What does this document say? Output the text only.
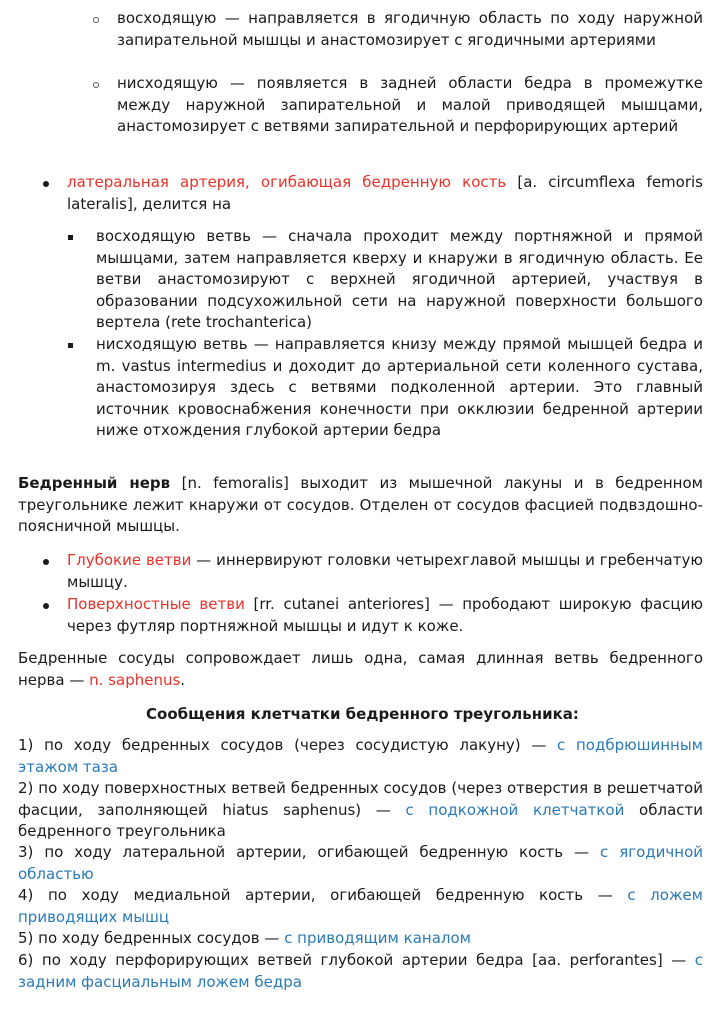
восходящую — направляется в ягодичную область по ходу наружной запирательной мышцы и анастомозирует с ягодичными артериями
нисходящую — появляется в задней области бедра в промежутке между наружной запирательной и малой приводящей мышцами, анастомозирует с ветвями запирательной и перфорирующих артерий
латеральная артерия, огибающая бедренную кость [a. circumflexa femoris lateralis], делится на
восходящую ветвь — сначала проходит между портняжной и прямой мышцами, затем направляется кверху и кнаружи в ягодичную область. Ее ветви анастомозируют с верхней ягодичной артерией, участвуя в образовании подсухожильной сети на наружной поверхности большого вертела (rete trochanterica)
нисходящую ветвь — направляется книзу между прямой мышцей бедра и m. vastus intermedius и доходит до артериальной сети коленного сустава, анастомозируя здесь с ветвями подколенной артерии. Это главный источник кровоснабжения конечности при окклюзии бедренной артерии ниже отхождения глубокой артерии бедра
Бедренный нерв [n. femoralis] выходит из мышечной лакуны и в бедренном треугольнике лежит кнаружи от сосудов. Отделен от сосудов фасцией подвздошно-поясничной мышцы.
Глубокие ветви — иннервируют головки четырехглавой мышцы и гребенчатую мышцу.
Поверхностные ветви [rr. cutanei anteriores] — прободают широкую фасцию через футляр портняжной мышцы и идут к коже.
Бедренные сосуды сопровождает лишь одна, самая длинная ветвь бедренного нерва — n. saphenus.
Сообщения клетчатки бедренного треугольника:
1) по ходу бедренных сосудов (через сосудистую лакуну) — с подбрюшинным этажом таза
2) по ходу поверхностных ветвей бедренных сосудов (через отверстия в решетчатой фасции, заполняющей hiatus saphenus) — с подкожной клетчаткой области бедренного треугольника
3) по ходу латеральной артерии, огибающей бедренную кость — с ягодичной областью
4) по ходу медиальной артерии, огибающей бедренную кость — с ложем приводящих мышц
5) по ходу бедренных сосудов — с приводящим каналом
6) по ходу перфорирующих ветвей глубокой артерии бедра [aa. perforantes] — с задним фасциальным ложем бедра
